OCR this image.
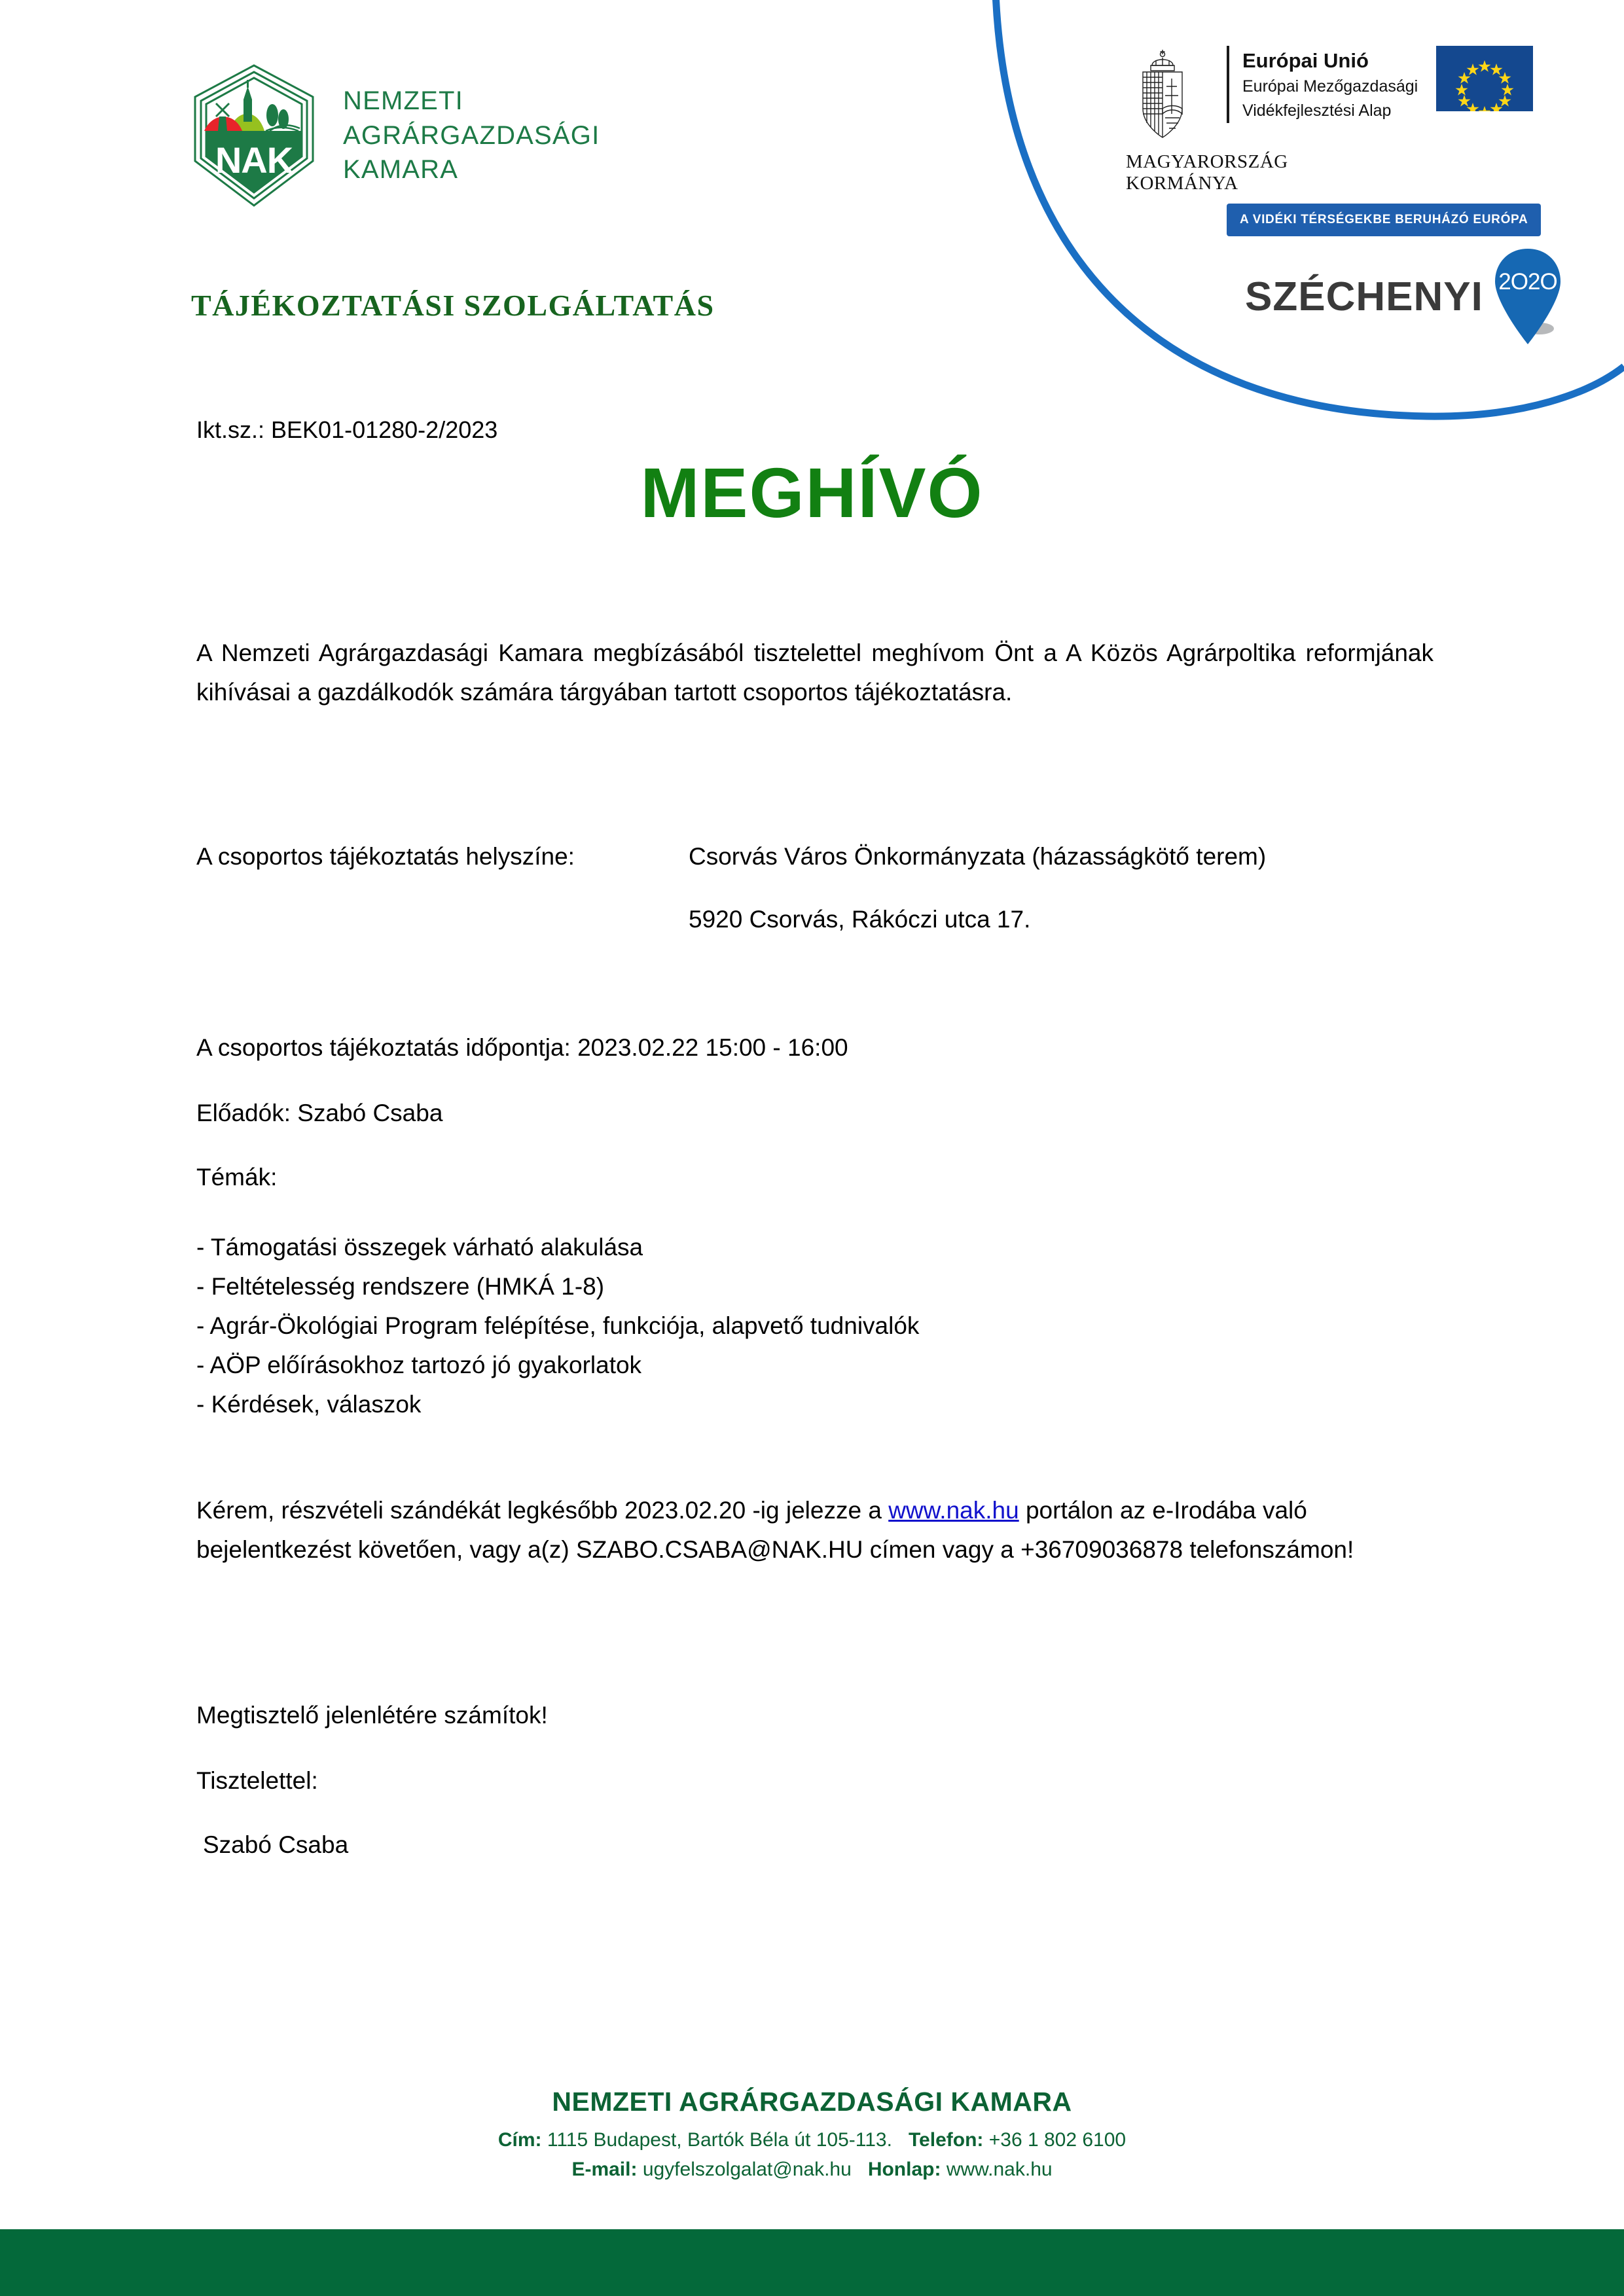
NAK
NEMZETI
AGRÁRGAZDASÁGI
KAMARA
TÁJÉKOZTATÁSI SZOLGÁLTATÁS
MAGYARORSZÁG
KORMÁNYA
Európai Unió
Európai Mezőgazdasági
Vidékfejlesztési Alap
A VIDÉKI TÉRSÉGEKBE BERUHÁZÓ EURÓPA
SZÉCHENYI 2O2O
Ikt.sz.: BEK01-01280-2/2023
MEGHÍVÓ
A Nemzeti Agrárgazdasági Kamara megbízásából tisztelettel meghívom Önt a A Közös Agrárpoltika reformjának kihívásai a gazdálkodók számára tárgyában tartott csoportos tájékoztatásra.
A csoportos tájékoztatás helyszíne:	Csorvás Város Önkormányzata (házasságkötő terem)
5920 Csorvás, Rákóczi utca 17.
A csoportos tájékoztatás időpontja: 2023.02.22 15:00 - 16:00
Előadók: Szabó Csaba
Témák:
- Támogatási összegek várható alakulása
- Feltételesség rendszere (HMKÁ 1-8)
- Agrár-Ökológiai Program felépítése, funkciója, alapvető tudnivalók
- AÖP előírásokhoz tartozó jó gyakorlatok
- Kérdések, válaszok
Kérem, részvételi szándékát legkésőbb 2023.02.20 -ig jelezze a www.nak.hu portálon az e-Irodába való bejelentkezést követően, vagy a(z) SZABO.CSABA@NAK.HU címen vagy a +36709036878 telefonszámon!
Megtisztelő jelenlétére számítok!
Tisztelettel:
Szabó Csaba
NEMZETI AGRÁRGAZDASÁGI KAMARA
Cím: 1115 Budapest, Bartók Béla út 105-113. Telefon: +36 1 802 6100
E-mail: ugyfelszolgalat@nak.hu Honlap: www.nak.hu
